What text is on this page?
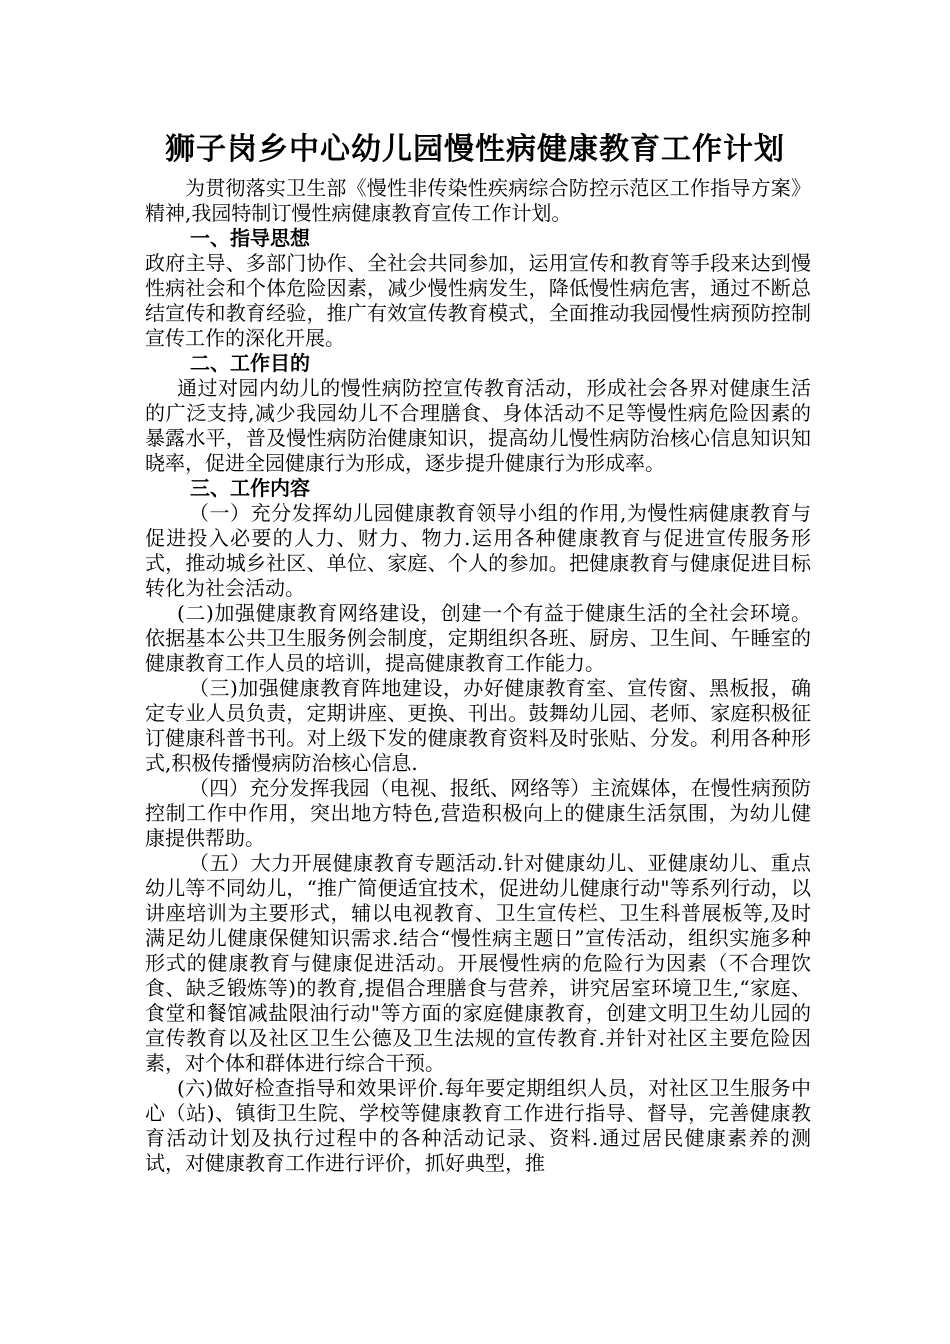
狮子岗乡中心幼儿园慢性病健康教育工作计划

为贯彻落实卫生部《慢性非传染性疾病综合防控示范区工作指导方案》精神,我园特制订慢性病健康教育宣传工作计划。

一、指导思想

政府主导、多部门协作、全社会共同参加，运用宣传和教育等手段来达到慢性病社会和个体危险因素，减少慢性病发生，降低慢性病危害，通过不断总结宣传和教育经验，推广有效宣传教育模式，全面推动我园慢性病预防控制宣传工作的深化开展。

二、工作目的

通过对园内幼儿的慢性病防控宣传教育活动，形成社会各界对健康生活的广泛支持,减少我园幼儿不合理膳食、身体活动不足等慢性病危险因素的暴露水平，普及慢性病防治健康知识，提高幼儿慢性病防治核心信息知识知晓率，促进全园健康行为形成，逐步提升健康行为形成率。

三、工作内容

（一）充分发挥幼儿园健康教育领导小组的作用,为慢性病健康教育与促进投入必要的人力、财力、物力.运用各种健康教育与促进宣传服务形式，推动城乡社区、单位、家庭、个人的参加。把健康教育与健康促进目标转化为社会活动。

(二)加强健康教育网络建设，创建一个有益于健康生活的全社会环境。依据基本公共卫生服务例会制度，定期组织各班、厨房、卫生间、午睡室的健康教育工作人员的培训，提高健康教育工作能力。

（三)加强健康教育阵地建设，办好健康教育室、宣传窗、黑板报，确定专业人员负责，定期讲座、更换、刊出。鼓舞幼儿园、老师、家庭积极征订健康科普书刊。对上级下发的健康教育资料及时张贴、分发。利用各种形式,积极传播慢病防治核心信息.

（四）充分发挥我园（电视、报纸、网络等）主流媒体，在慢性病预防控制工作中作用，突出地方特色,营造积极向上的健康生活氛围，为幼儿健康提供帮助。

（五）大力开展健康教育专题活动.针对健康幼儿、亚健康幼儿、重点幼儿等不同幼儿，“推广简便适宜技术，促进幼儿健康行动"等系列行动，以讲座培训为主要形式，辅以电视教育、卫生宣传栏、卫生科普展板等,及时满足幼儿健康保健知识需求.结合“慢性病主题日”宣传活动，组织实施多种形式的健康教育与健康促进活动。开展慢性病的危险行为因素（不合理饮食、缺乏锻炼等)的教育,提倡合理膳食与营养，讲究居室环境卫生,“家庭、食堂和餐馆减盐限油行动"等方面的家庭健康教育，创建文明卫生幼儿园的宣传教育以及社区卫生公德及卫生法规的宣传教育.并针对社区主要危险因素，对个体和群体进行综合干预。

(六)做好检查指导和效果评价.每年要定期组织人员，对社区卫生服务中心（站)、镇街卫生院、学校等健康教育工作进行指导、督导，完善健康教育活动计划及执行过程中的各种活动记录、资料.通过居民健康素养的测试，对健康教育工作进行评价，抓好典型，推
